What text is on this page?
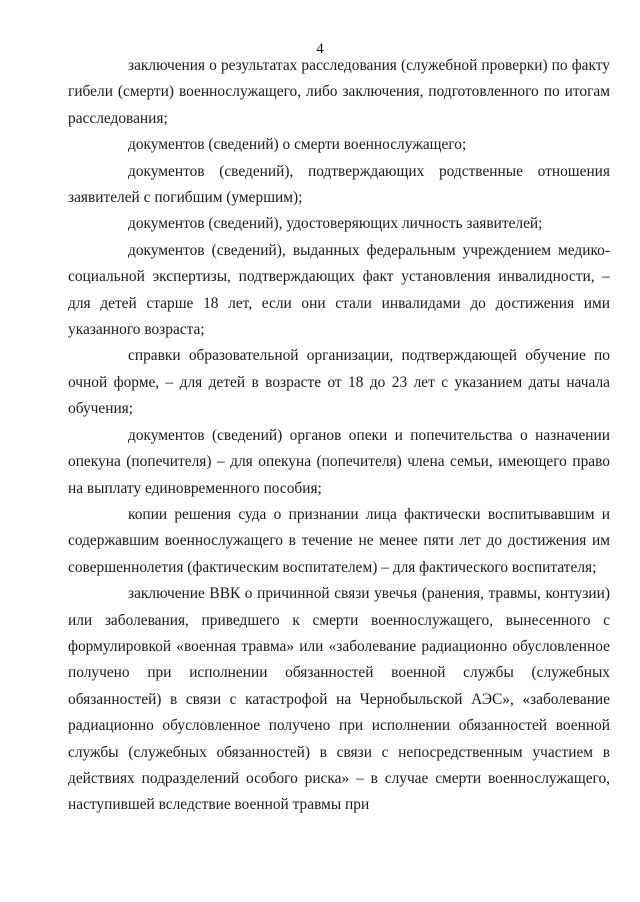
4

заключения о результатах расследования (служебной проверки) по факту гибели (смерти) военнослужащего, либо заключения, подготовленного по итогам расследования;

документов (сведений) о смерти военнослужащего;

документов (сведений), подтверждающих родственные отношения заявителей с погибшим (умершим);

документов (сведений), удостоверяющих личность заявителей;

документов (сведений), выданных федеральным учреждением медико-социальной экспертизы, подтверждающих факт установления инвалидности, – для детей старше 18 лет, если они стали инвалидами до достижения ими указанного возраста;

справки образовательной организации, подтверждающей обучение по очной форме, – для детей в возрасте от 18 до 23 лет с указанием даты начала обучения;

документов (сведений) органов опеки и попечительства о назначении опекуна (попечителя) – для опекуна (попечителя) члена семьи, имеющего право на выплату единовременного пособия;

копии решения суда о признании лица фактически воспитывавшим и содержавшим военнослужащего в течение не менее пяти лет до достижения им совершеннолетия (фактическим воспитателем) – для фактического воспитателя;

заключение ВВК о причинной связи увечья (ранения, травмы, контузии) или заболевания, приведшего к смерти военнослужащего, вынесенного с формулировкой «военная травма» или «заболевание радиационно обусловленное получено при исполнении обязанностей военной службы (служебных обязанностей) в связи с катастрофой на Чернобыльской АЭС», «заболевание радиационно обусловленное получено при исполнении обязанностей военной службы (служебных обязанностей) в связи с непосредственным участием в действиях подразделений особого риска» – в случае смерти военнослужащего, наступившей вследствие военной травмы при
